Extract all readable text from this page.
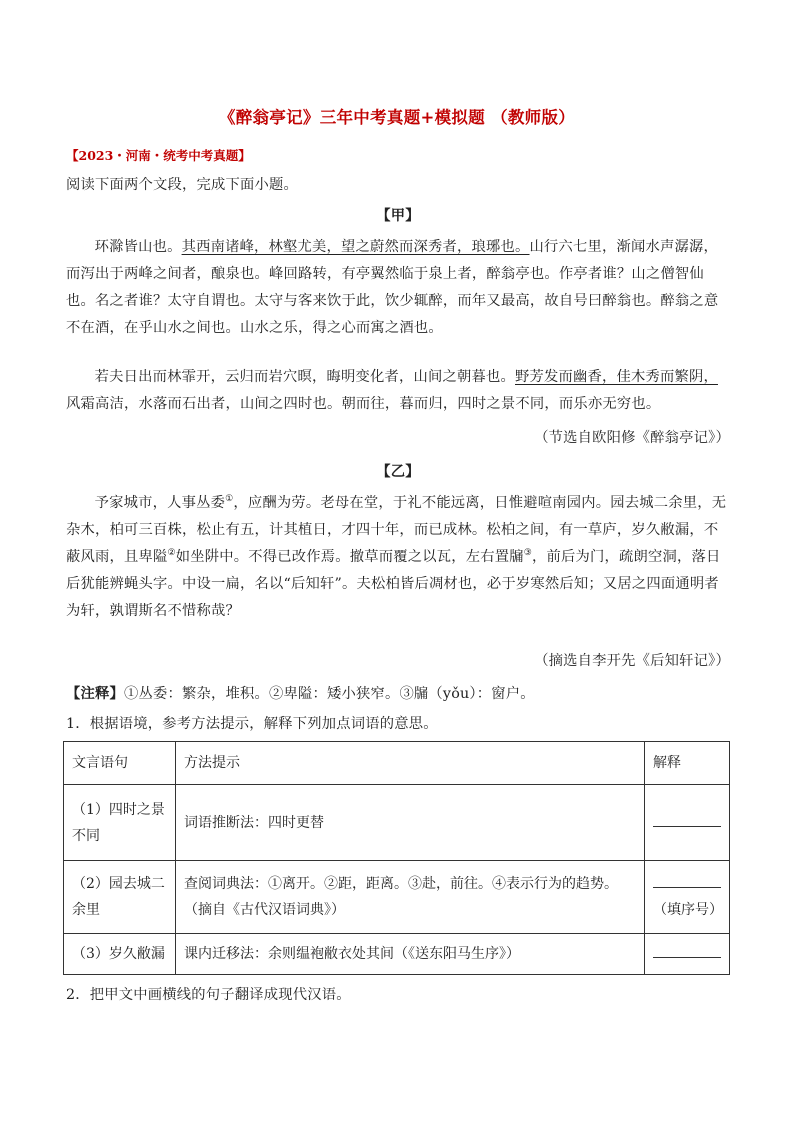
《醉翁亭记》三年中考真题+模拟题 （教师版）
【2023・河南・统考中考真题】

阅读下面两个文段，完成下面小题。

【甲】

环滁皆山也。其西南诸峰，林壑尤美，望之蔚然而深秀者，琅琊也。山行六七里，渐闻水声潺潺，而泻出于两峰之间者，酿泉也。峰回路转，有亭翼然临于泉上者，醉翁亭也。作亭者谁？山之僧智仙也。名之者谁？太守自谓也。太守与客来饮于此，饮少辄醉，而年又最高，故自号曰醉翁也。醉翁之意不在酒，在乎山水之间也。山水之乐，得之心而寓之酒也。

若夫日出而林霏开，云归而岩穴暝，晦明变化者，山间之朝暮也。野芳发而幽香，佳木秀而繁阴，风霜高洁，水落而石出者，山间之四时也。朝而往，暮而归，四时之景不同，而乐亦无穷也。

（节选自欧阳修《醉翁亭记》）

【乙】

予家城市，人事丛委①，应酬为劳。老母在堂，于礼不能远离，日惟避喧南园内。园去城二余里，无杂木，柏可三百株，松止有五，计其植日，才四十年，而已成林。松柏之间，有一草庐，岁久敝漏，不蔽风雨，且卑隘②如坐阱中。不得已改作焉。撤草而覆之以瓦，左右置牖③，前后为门，疏朗空洞，落日后犹能辨蝇头字。中设一扁，名以“后知轩”。夫松柏皆后凋材也，必于岁寒然后知；又居之四面通明者为轩，孰谓斯名不惜称哉？

（摘选自李开先《后知轩记》）

【注释】①丛委：繁杂，堆积。②卑隘：矮小狭窄。③牖（yǒu）：窗户。

1．根据语境，参考方法提示，解释下列加点词语的意思。

文言语句	方法提示	解释
（1）四时之景不同	词语推断法：四时更替	
（2）园去城二余里	查阅词典法：①离开。②距，距离。③赴，前往。④表示行为的趋势。（摘自《古代汉语词典》）	（填序号）
（3）岁久敝漏	课内迁移法：余则缊袍敝衣处其间（《送东阳马生序》）	

2．把甲文中画横线的句子翻译成现代汉语。
